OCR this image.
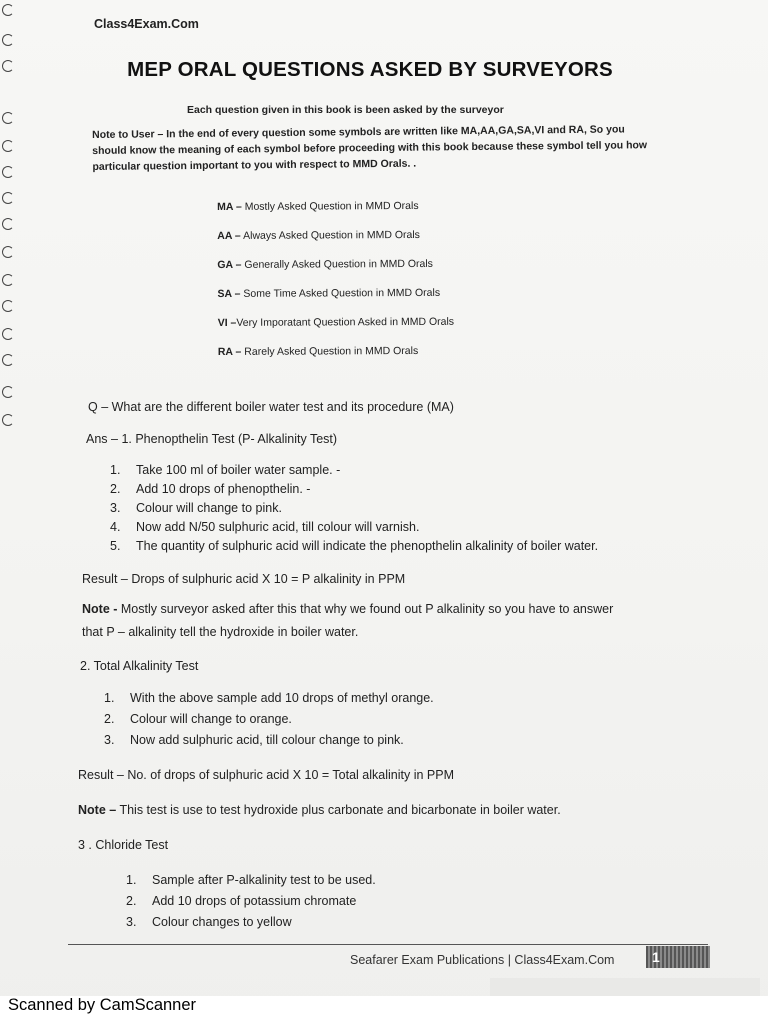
Class4Exam.Com
MEP ORAL QUESTIONS ASKED BY SURVEYORS
Each question given in this book is been asked by the surveyor
Note to User – In the end of every question some symbols are written like MA,AA,GA,SA,VI and RA, So you
should know the meaning of each symbol before proceeding with this book because these symbol tell you how
particular question important to you with respect to MMD Orals. .
MA – Mostly Asked Question in MMD Orals
AA – Always Asked Question in MMD Orals
GA – Generally Asked Question in MMD Orals
SA – Some Time Asked Question in MMD Orals
VI –Very Imporatant Question Asked in MMD Orals
RA – Rarely Asked Question in MMD Orals
Q – What are the different boiler water test and its procedure (MA)
Ans – 1. Phenopthelin Test (P- Alkalinity Test)
1.	Take 100 ml of boiler water sample. -
2.	Add 10 drops of phenopthelin. -
3.	Colour will change to pink.
4.	Now add N/50 sulphuric acid, till colour will varnish.
5.	The quantity of sulphuric acid will indicate the phenopthelin alkalinity of boiler water.
Result – Drops of sulphuric acid X 10 = P alkalinity in PPM
Note - Mostly surveyor asked after this that why we found out P alkalinity so you have to answer
that P – alkalinity tell the hydroxide in boiler water.
2. Total Alkalinity Test
1.	With the above sample add 10 drops of methyl orange.
2.	Colour will change to orange.
3.	Now add sulphuric acid, till colour change to pink.
Result – No. of drops of sulphuric acid X 10 = Total alkalinity in PPM
Note – This test is use to test hydroxide plus carbonate and bicarbonate in boiler water.
3 . Chloride Test
1.	Sample after P-alkalinity test to be used.
2.	Add 10 drops of potassium chromate
3.	Colour changes to yellow
Seafarer Exam Publications | Class4Exam.Com	1
Scanned by CamScanner
